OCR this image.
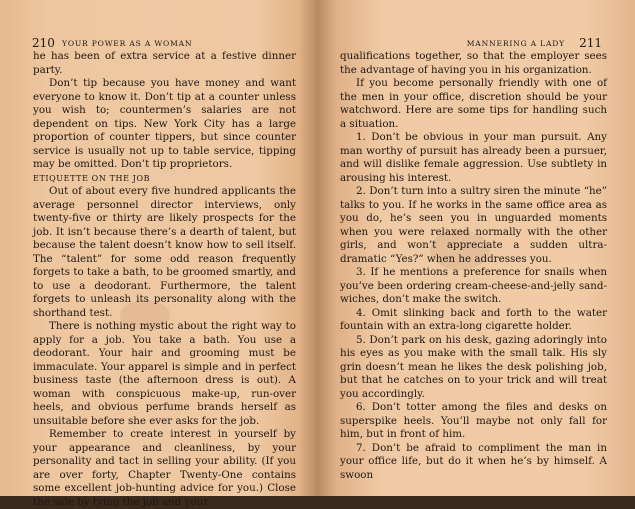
210 YOUR POWER AS A WOMAN

he has been of extra service at a festive dinner party.

Don’t tip because you have money and want everyone to know it. Don’t tip at a counter unless you wish to; countermen’s salaries are not dependent on tips. New York City has a large proportion of counter tippers, but since counter service is usually not up to table service, tipping may be omitted. Don’t tip proprietors.

ETIQUETTE ON THE JOB

Out of about every five hundred applicants the average personnel director interviews, only twenty-five or thirty are likely prospects for the job. It isn’t because there’s a dearth of talent, but because the talent doesn’t know how to sell itself. The “talent” for some odd reason frequently forgets to take a bath, to be groomed smartly, and to use a deodorant. Furthermore, the talent forgets to unleash its personality along with the shorthand test.

There is nothing mystic about the right way to apply for a job. You take a bath. You use a deodorant. Your hair and grooming must be immaculate. Your apparel is simple and in perfect business taste (the afternoon dress is out). A woman with conspicuous make-up, run-over heels, and obvious perfume brands herself as unsuitable before she ever asks for the job.

Remember to create interest in yourself by your appearance and cleanliness, by your personality and tact in selling your ability. (If you are over forty, Chapter Twenty-One contains some excellent job-hunting advice for you.) Close the sale by tying the job and your

MANNERING A LADY 211

qualifications together, so that the employer sees the advantage of having you in his organization.

If you become personally friendly with one of the men in your office, discretion should be your watchword. Here are some tips for handling such a situation.

1. Don’t be obvious in your man pursuit. Any man worthy of pursuit has already been a pursuer, and will dislike female aggression. Use subtlety in arousing his interest.

2. Don’t turn into a sultry siren the minute “he” talks to you. If he works in the same office area as you do, he’s seen you in unguarded moments when you were relaxed normally with the other girls, and won’t appreciate a sudden ultra-dramatic “Yes?” when he addresses you.

3. If he mentions a preference for snails when you’ve been ordering cream-cheese-and-jelly sandwiches, don’t make the switch.

4. Omit slinking back and forth to the water fountain with an extra-long cigarette holder.

5. Don’t park on his desk, gazing adoringly into his eyes as you make with the small talk. His sly grin doesn’t mean he likes the desk polishing job, but that he catches on to your trick and will treat you accordingly.

6. Don’t totter among the files and desks on superspike heels. You’ll maybe not only fall for him, but in front of him.

7. Don’t be afraid to compliment the man in your office life, but do it when he’s by himself. A swoon
